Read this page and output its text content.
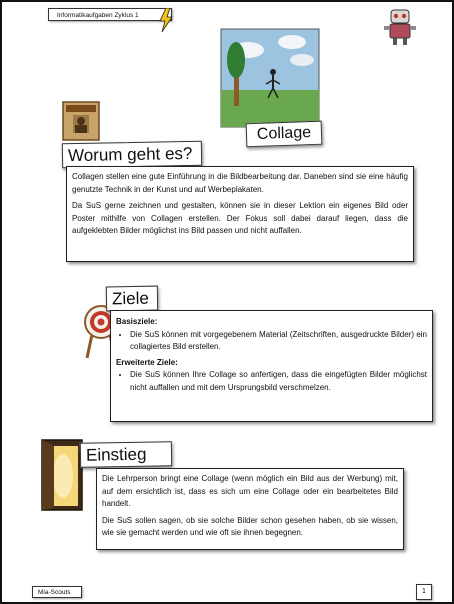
Informatikaufgaben Zyklus 1
Collage
Worum geht es?

Collagen stellen eine gute Einführung in die Bildbearbeitung dar. Daneben sind sie eine häufig genutzte Technik in der Kunst und auf Werbeplakaten.

Da SuS gerne zeichnen und gestalten, können sie in dieser Lektion ein eigenes Bild oder Poster mithilfe von Collagen erstellen. Der Fokus soll dabei darauf liegen, dass die aufgeklebten Bilder möglichst ins Bild passen und nicht auffallen.

Ziele
Basisziele:
• Die SuS können mit vorgegebenem Material (Zeitschriften, ausgedruckte Bilder) ein collagiertes Bild erstellen.
Erweiterte Ziele:
• Die SuS können Ihre Collage so anfertigen, dass die eingefügten Bilder möglichst nicht auffallen und mit dem Ursprungsbild verschmelzen.
Einstieg

Die Lehrperson bringt eine Collage (wenn möglich ein Bild aus der Werbung) mit, auf dem ersichtlich ist, dass es sich um eine Collage oder ein bearbeitetes Bild handelt.

Die SuS sollen sagen, ob sie solche Bilder schon gesehen haben, ob sie wissen, wie sie gemacht werden und wie oft sie ihnen begegnen.

Mia-Scouts	1
